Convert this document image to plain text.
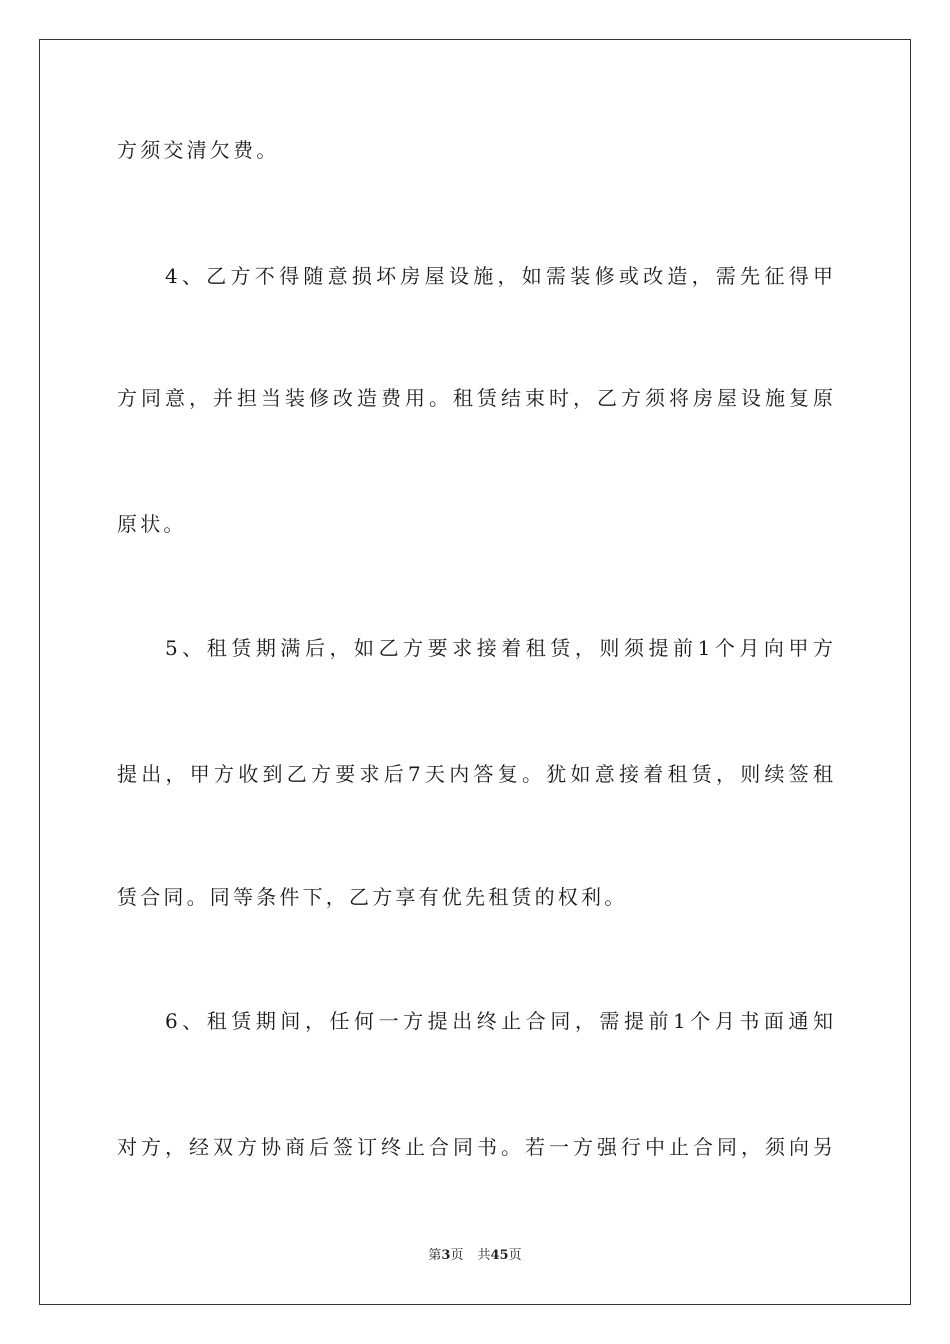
方须交清欠费。
4、乙方不得随意损坏房屋设施，如需装修或改造，需先征得甲
方同意，并担当装修改造费用。租赁结束时，乙方须将房屋设施复原
原状。
5、租赁期满后，如乙方要求接着租赁，则须提前1个月向甲方
提出，甲方收到乙方要求后7天内答复。犹如意接着租赁，则续签租
赁合同。同等条件下，乙方享有优先租赁的权利。
6、租赁期间，任何一方提出终止合同，需提前1个月书面通知
对方，经双方协商后签订终止合同书。若一方强行中止合同，须向另
第3页 共45页
